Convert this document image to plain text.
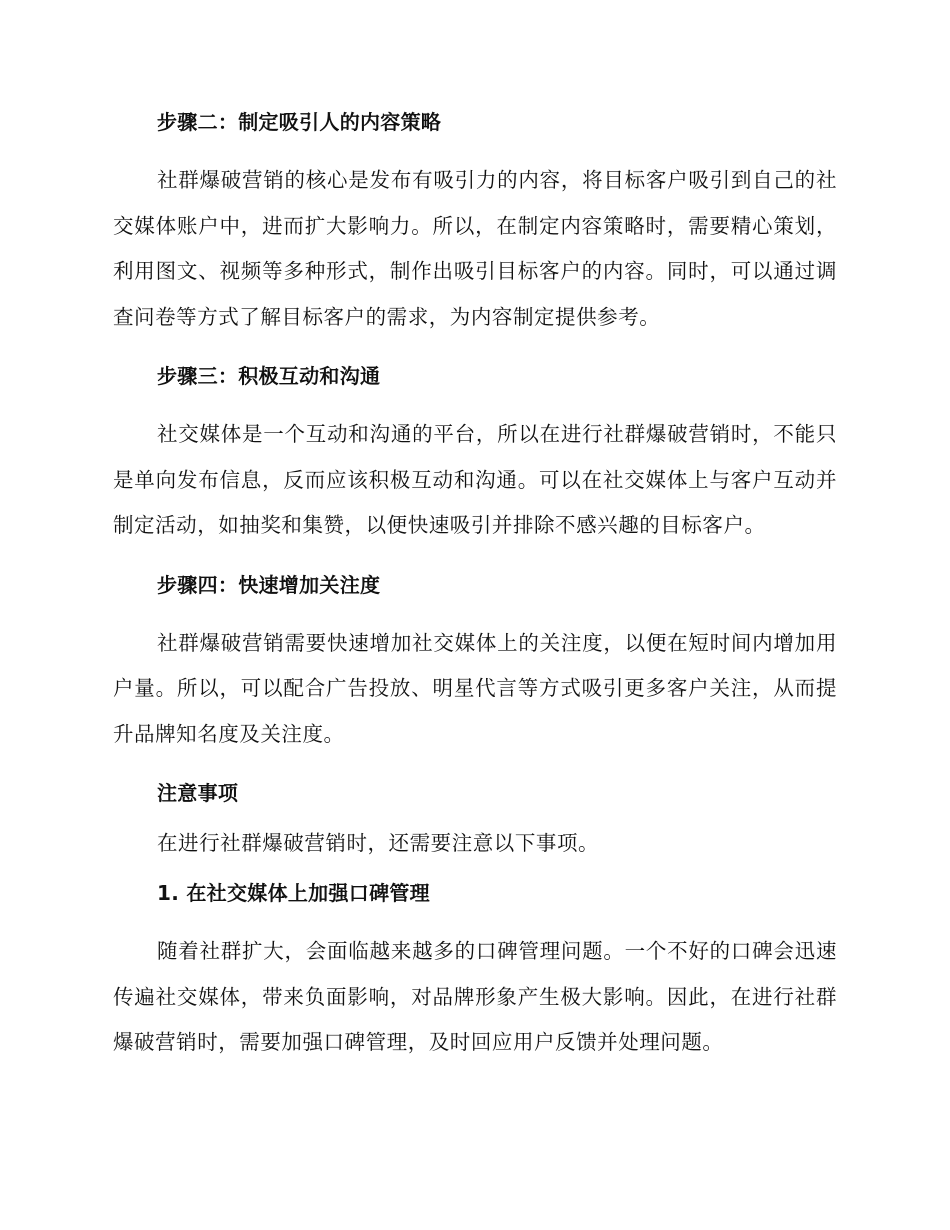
步骤二：制定吸引人的内容策略

社群爆破营销的核心是发布有吸引力的内容，将目标客户吸引到自己的社交媒体账户中，进而扩大影响力。所以，在制定内容策略时，需要精心策划，利用图文、视频等多种形式，制作出吸引目标客户的内容。同时，可以通过调查问卷等方式了解目标客户的需求，为内容制定提供参考。

步骤三：积极互动和沟通

社交媒体是一个互动和沟通的平台，所以在进行社群爆破营销时，不能只是单向发布信息，反而应该积极互动和沟通。可以在社交媒体上与客户互动并制定活动，如抽奖和集赞，以便快速吸引并排除不感兴趣的目标客户。

步骤四：快速增加关注度

社群爆破营销需要快速增加社交媒体上的关注度，以便在短时间内增加用户量。所以，可以配合广告投放、明星代言等方式吸引更多客户关注，从而提升品牌知名度及关注度。

注意事项

在进行社群爆破营销时，还需要注意以下事项。

1. 在社交媒体上加强口碑管理

随着社群扩大，会面临越来越多的口碑管理问题。一个不好的口碑会迅速传遍社交媒体，带来负面影响，对品牌形象产生极大影响。因此，在进行社群爆破营销时，需要加强口碑管理，及时回应用户反馈并处理问题。
